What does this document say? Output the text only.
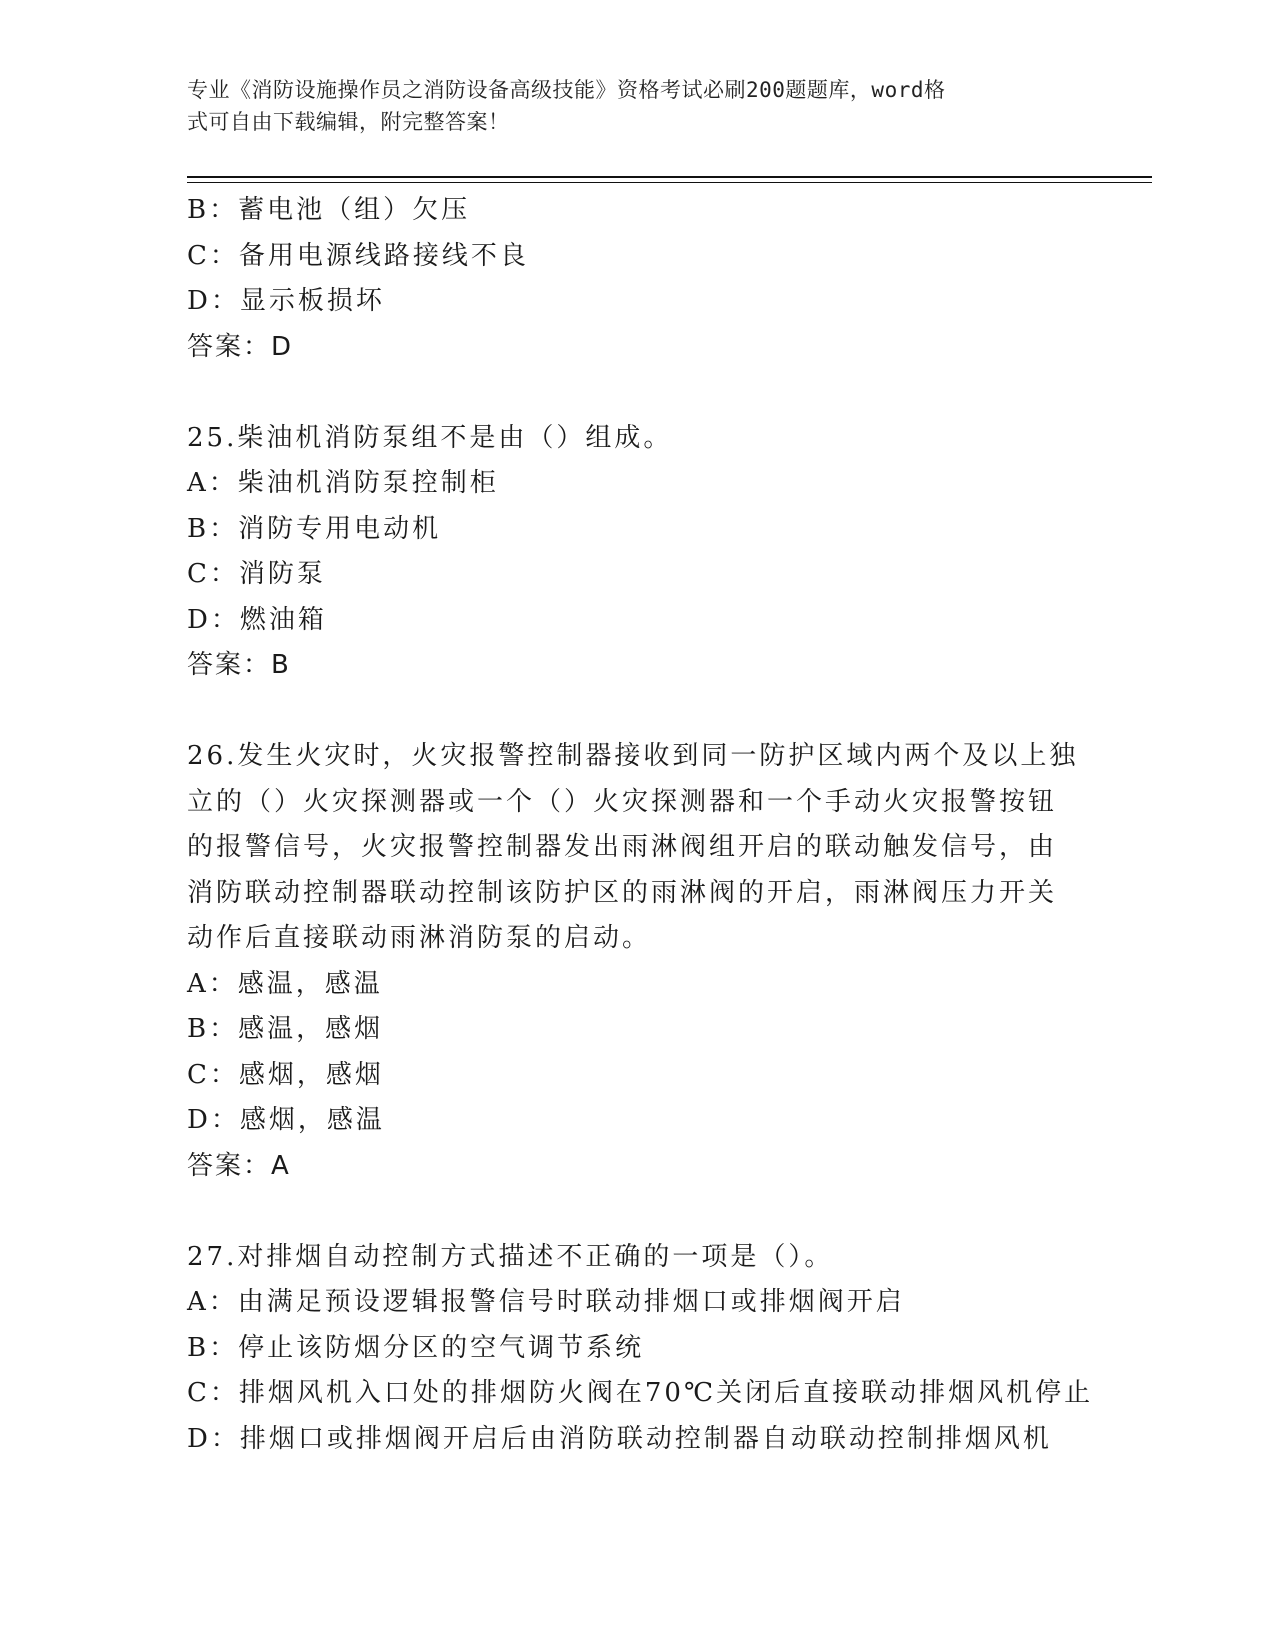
专业《消防设施操作员之消防设备高级技能》资格考试必刷200题题库，word格
式可自由下载编辑，附完整答案！
B：蓄电池（组）欠压
C：备用电源线路接线不良
D：显示板损坏
答案：D
25.柴油机消防泵组不是由（）组成。
A：柴油机消防泵控制柜
B：消防专用电动机
C：消防泵
D：燃油箱
答案：B
26.发生火灾时，火灾报警控制器接收到同一防护区域内两个及以上独
立的（）火灾探测器或一个（）火灾探测器和一个手动火灾报警按钮
的报警信号，火灾报警控制器发出雨淋阀组开启的联动触发信号，由
消防联动控制器联动控制该防护区的雨淋阀的开启，雨淋阀压力开关
动作后直接联动雨淋消防泵的启动。
A：感温，感温
B：感温，感烟
C：感烟，感烟
D：感烟，感温
答案：A
27.对排烟自动控制方式描述不正确的一项是（）。
A：由满足预设逻辑报警信号时联动排烟口或排烟阀开启
B：停止该防烟分区的空气调节系统
C：排烟风机入口处的排烟防火阀在70℃关闭后直接联动排烟风机停止
D：排烟口或排烟阀开启后由消防联动控制器自动联动控制排烟风机
